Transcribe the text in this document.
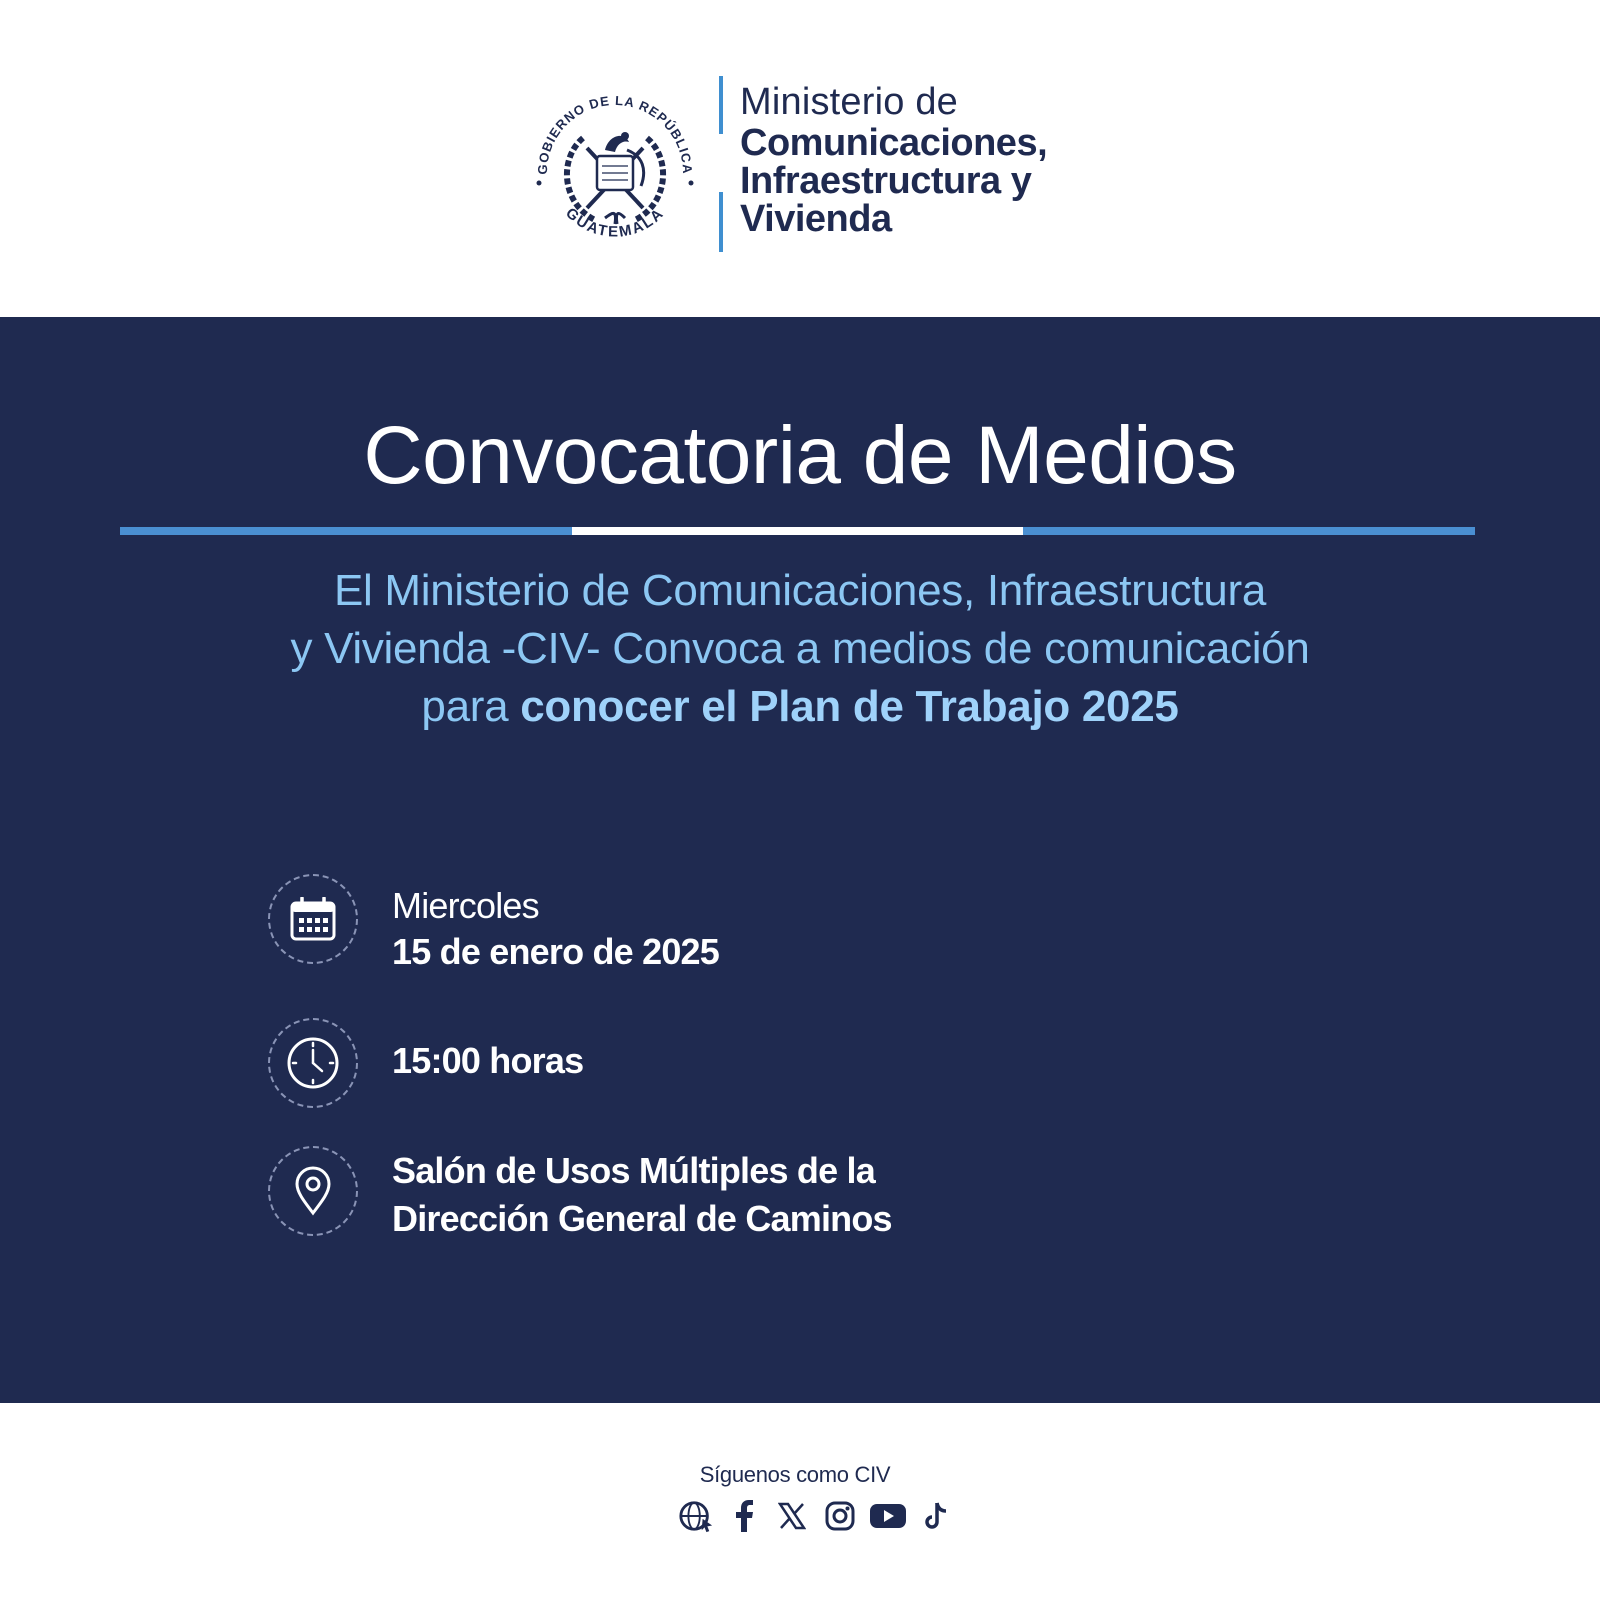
GOBIERNO DE LA REPÚBLICA
GUATEMALA
Ministerio de
Comunicaciones,
Infraestructura y
Vivienda
Convocatoria de Medios
El Ministerio de Comunicaciones, Infraestructura
y Vivienda -CIV- Convoca a medios de comunicación
para conocer el Plan de Trabajo 2025
Miercoles
15 de enero de 2025
15:00 horas
Salón de Usos Múltiples de la
Dirección General de Caminos
Síguenos como CIV
